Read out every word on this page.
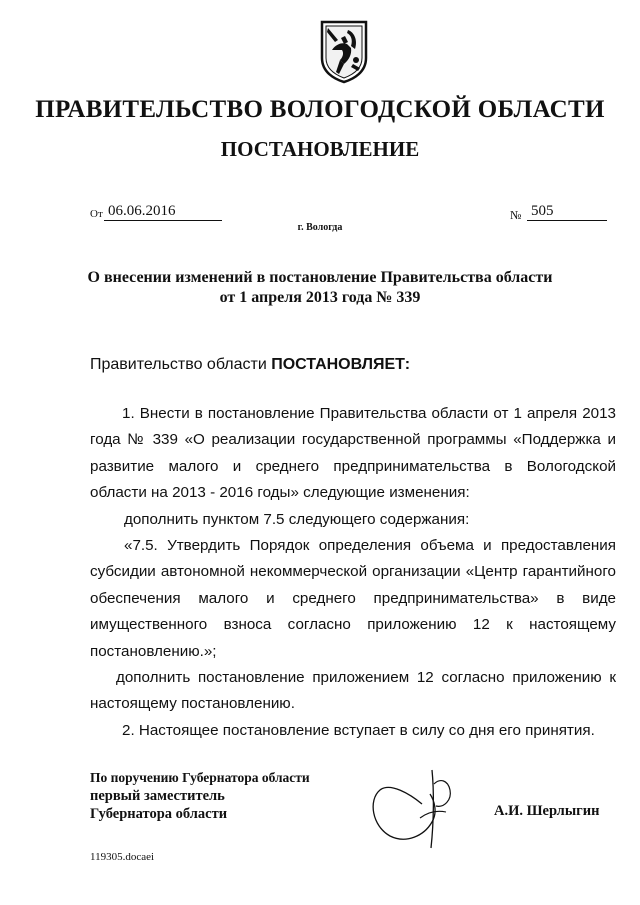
ПРАВИТЕЛЬСТВО ВОЛОГОДСКОЙ ОБЛАСТИ
ПОСТАНОВЛЕНИЕ
От 06.06.2016	№ 505
г. Вологда
О внесении изменений в постановление Правительства области
от 1 апреля 2013 года № 339
Правительство области ПОСТАНОВЛЯЕТ:

1. Внести в постановление Правительства области от 1 апреля 2013 года № 339 «О реализации государственной программы «Поддержка и развитие малого и среднего предпринимательства в Вологодской области на 2013 - 2016 годы» следующие изменения:

дополнить пунктом 7.5 следующего содержания:

«7.5. Утвердить Порядок определения объема и предоставления субсидии автономной некоммерческой организации «Центр гарантийного обеспечения малого и среднего предпринимательства» в виде имущественного взноса согласно приложению 12 к настоящему постановлению.»;

дополнить постановление приложением 12 согласно приложению к настоящему постановлению.

2. Настоящее постановление вступает в силу со дня его принятия.

По поручению Губернатора области
первый заместитель
Губернатора области	А.И. Шерлыгин
119305.docaei
